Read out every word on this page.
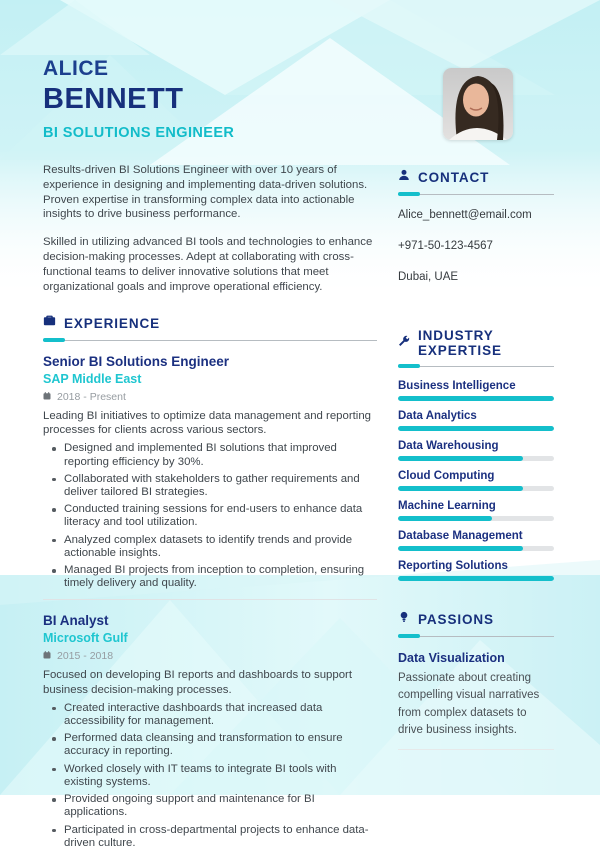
ALICE
BENNETT
BI SOLUTIONS ENGINEER

Results-driven BI Solutions Engineer with over 10 years of experience in designing and implementing data-driven solutions. Proven expertise in transforming complex data into actionable insights to drive business performance.

Skilled in utilizing advanced BI tools and technologies to enhance decision-making processes. Adept at collaborating with cross-functional teams to deliver innovative solutions that meet organizational goals and improve operational efficiency.

EXPERIENCE
Senior BI Solutions Engineer
SAP Middle East
2018 - Present
Leading BI initiatives to optimize data management and reporting processes for clients across various sectors.
Designed and implemented BI solutions that improved reporting efficiency by 30%.
Collaborated with stakeholders to gather requirements and deliver tailored BI strategies.
Conducted training sessions for end-users to enhance data literacy and tool utilization.
Analyzed complex datasets to identify trends and provide actionable insights.
Managed BI projects from inception to completion, ensuring timely delivery and quality.
BI Analyst
Microsoft Gulf
2015 - 2018
Focused on developing BI reports and dashboards to support business decision-making processes.
Created interactive dashboards that increased data accessibility for management.
Performed data cleansing and transformation to ensure accuracy in reporting.
Worked closely with IT teams to integrate BI tools with existing systems.
Provided ongoing support and maintenance for BI applications.
Participated in cross-departmental projects to enhance data-driven culture.
CONTACT
Alice_bennett@email.com
+971-50-123-4567
Dubai, UAE
INDUSTRY EXPERTISE
Business Intelligence
Data Analytics
Data Warehousing
Cloud Computing
Machine Learning
Database Management
Reporting Solutions
PASSIONS
Data Visualization
Passionate about creating compelling visual narratives from complex datasets to drive business insights.
